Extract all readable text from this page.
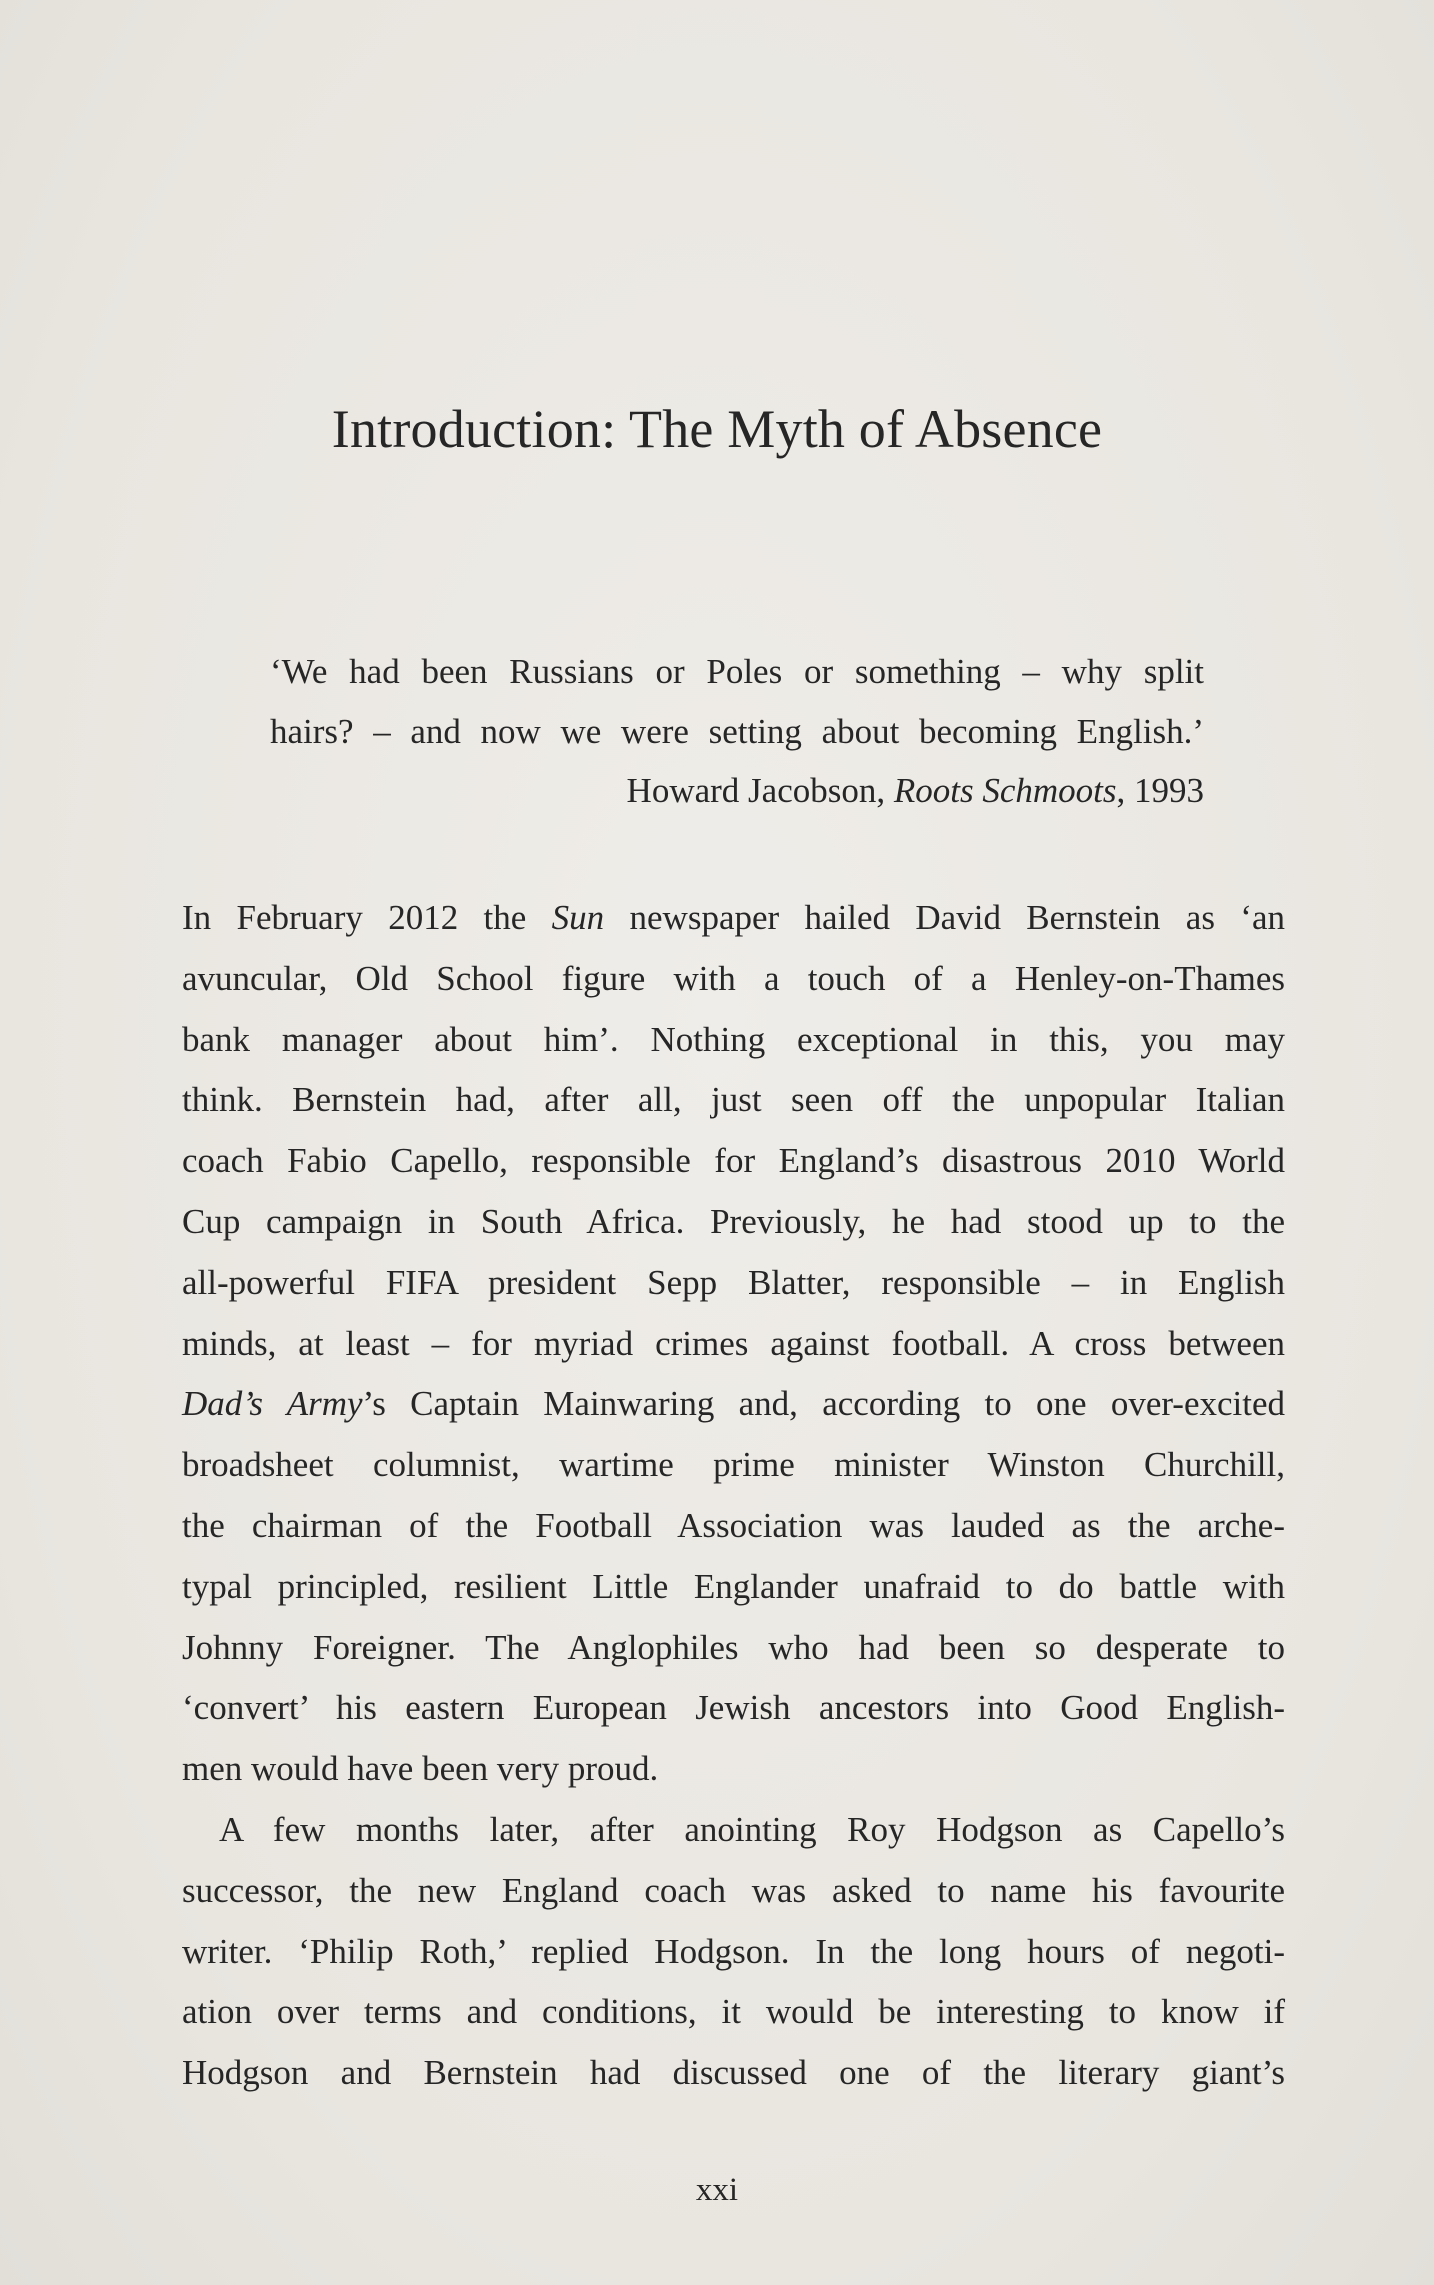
Introduction: The Myth of Absence
‘We had been Russians or Poles or something – why split
hairs? – and now we were setting about becoming English.’
Howard Jacobson, Roots Schmoots, 1993
In February 2012 the Sun newspaper hailed David Bernstein as ‘an
avuncular, Old School figure with a touch of a Henley-on-Thames
bank manager about him’. Nothing exceptional in this, you may
think. Bernstein had, after all, just seen off the unpopular Italian
coach Fabio Capello, responsible for England’s disastrous 2010 World
Cup campaign in South Africa. Previously, he had stood up to the
all-powerful FIFA president Sepp Blatter, responsible – in English
minds, at least – for myriad crimes against football. A cross between
Dad’s Army’s Captain Mainwaring and, according to one over-excited
broadsheet columnist, wartime prime minister Winston Churchill,
the chairman of the Football Association was lauded as the arche-
typal principled, resilient Little Englander unafraid to do battle with
Johnny Foreigner. The Anglophiles who had been so desperate to
‘convert’ his eastern European Jewish ancestors into Good English-
men would have been very proud.
A few months later, after anointing Roy Hodgson as Capello’s
successor, the new England coach was asked to name his favourite
writer. ‘Philip Roth,’ replied Hodgson. In the long hours of negoti-
ation over terms and conditions, it would be interesting to know if
Hodgson and Bernstein had discussed one of the literary giant’s
xxi
